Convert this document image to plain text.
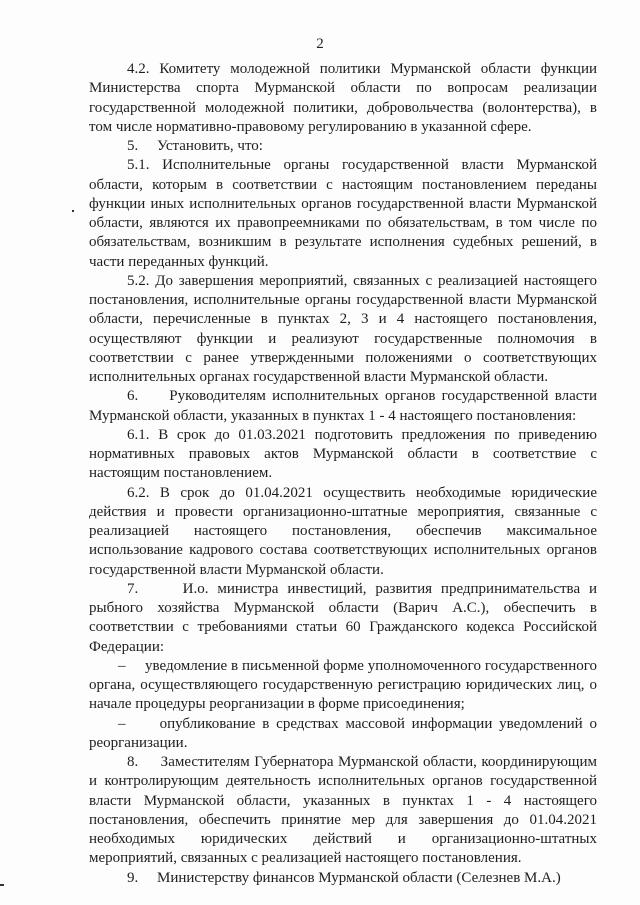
2

4.2. Комитету молодежной политики Мурманской области функции Министерства спорта Мурманской области по вопросам реализации государственной молодежной политики, добровольчества (волонтерства), в том числе нормативно-правовому регулированию в указанной сфере.

5.     Установить, что:

5.1. Исполнительные органы государственной власти Мурманской области, которым в соответствии с настоящим постановлением переданы функции иных исполнительных органов государственной власти Мурманской области, являются их правопреемниками по обязательствам, в том числе по обязательствам, возникшим в результате исполнения судебных решений, в части переданных функций.

5.2. До завершения мероприятий, связанных с реализацией настоящего постановления, исполнительные органы государственной власти Мурманской области, перечисленные в пунктах 2, 3 и 4 настоящего постановления, осуществляют функции и реализуют государственные полномочия в соответствии с ранее утвержденными положениями о соответствующих исполнительных органах государственной власти Мурманской области.

6.     Руководителям исполнительных органов государственной власти Мурманской области, указанных в пунктах 1 - 4 настоящего постановления:

6.1. В срок до 01.03.2021 подготовить предложения по приведению нормативных правовых актов Мурманской области в соответствие с настоящим постановлением.

6.2. В срок до 01.04.2021 осуществить необходимые юридические действия и провести организационно-штатные мероприятия, связанные с реализацией настоящего постановления, обеспечив максимальное использование кадрового состава соответствующих исполнительных органов государственной власти Мурманской области.

7.     И.о. министра инвестиций, развития предпринимательства и рыбного хозяйства Мурманской области (Варич А.С.), обеспечить в соответствии с требованиями статьи 60 Гражданского кодекса Российской Федерации:

–     уведомление в письменной форме уполномоченного государственного органа, осуществляющего государственную регистрацию юридических лиц, о начале процедуры реорганизации в форме присоединения;

–     опубликование в средствах массовой информации уведомлений о реорганизации.

8.     Заместителям Губернатора Мурманской области, координирующим и контролирующим деятельность исполнительных органов государственной власти Мурманской области, указанных в пунктах 1 - 4 настоящего постановления, обеспечить принятие мер для завершения до 01.04.2021 необходимых юридических действий и организационно-штатных мероприятий, связанных с реализацией настоящего постановления.

9.     Министерству финансов Мурманской области (Селезнев М.А.)
